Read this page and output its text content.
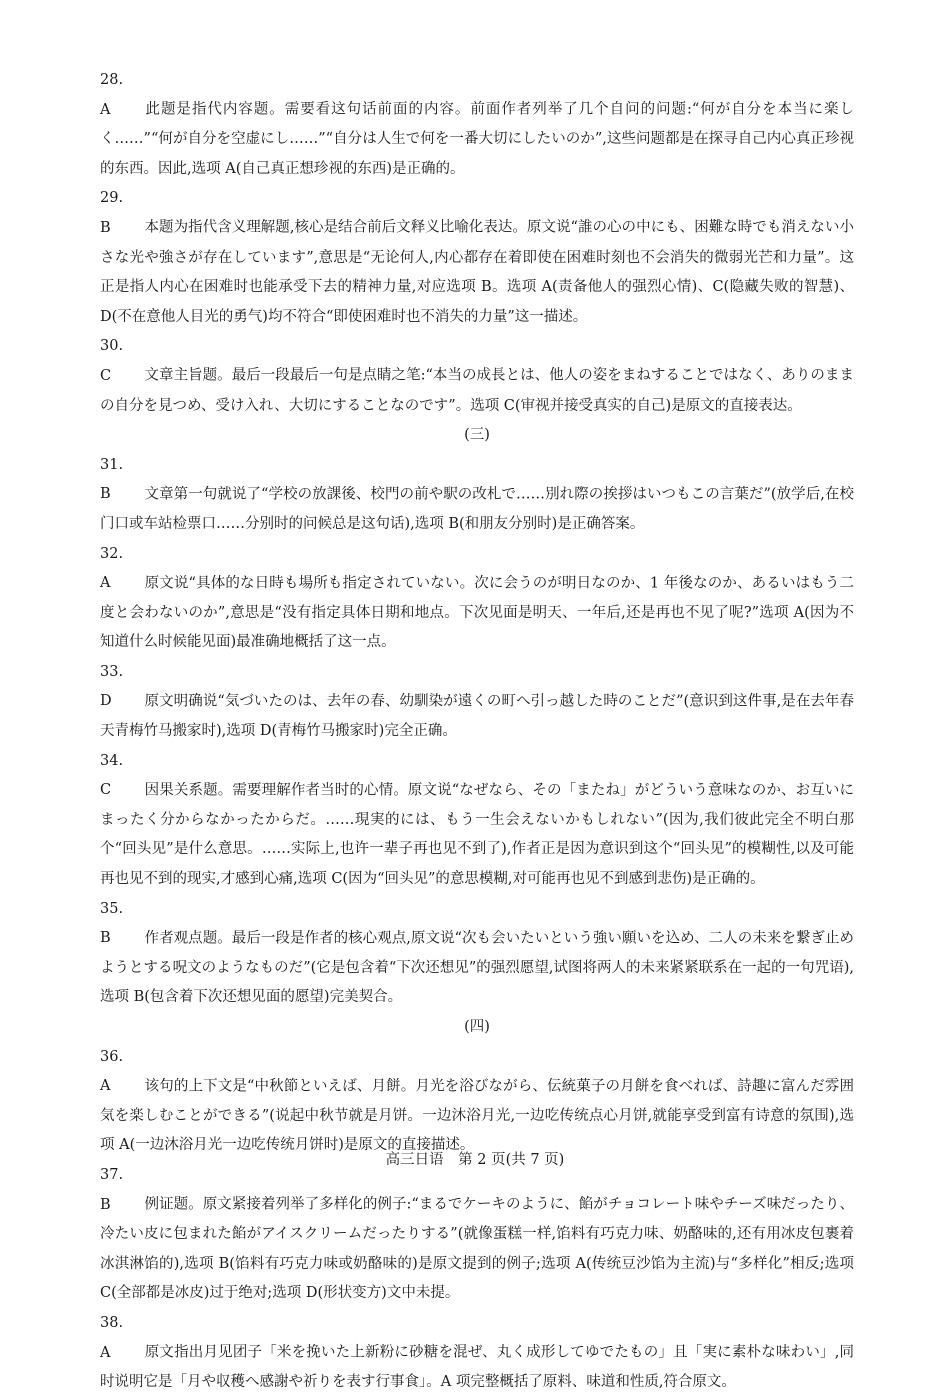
28. A  此题是指代内容题。需要看这句话前面的内容。前面作者列举了几个自问的问题:“何が自分を本当に楽しく……”“何が自分を空虚にし……”“自分は人生で何を一番大切にしたいのか”,这些问题都是在探寻自己内心真正珍视的东西。因此,选项 A(自己真正想珍视的东西)是正确的。

29. B  本题为指代含义理解题,核心是结合前后文释义比喻化表达。原文说“誰の心の中にも、困難な時でも消えない小さな光や強さが存在しています”,意思是“无论何人,内心都存在着即使在困难时刻也不会消失的微弱光芒和力量”。这正是指人内心在困难时也能承受下去的精神力量,对应选项 B。选项 A(责备他人的强烈心情)、C(隐藏失败的智慧)、D(不在意他人目光的勇气)均不符合“即使困难时也不消失的力量”这一描述。

30. C  文章主旨题。最后一段最后一句是点睛之笔:“本当の成長とは、他人の姿をまねすることではなく、ありのままの自分を見つめ、受け入れ、大切にすることなのです”。选项 C(审视并接受真实的自己)是原文的直接表达。

(三)

31. B  文章第一句就说了“学校の放課後、校門の前や駅の改札で……別れ際の挨拶はいつもこの言葉だ”(放学后,在校门口或车站检票口……分别时的问候总是这句话),选项 B(和朋友分别时)是正确答案。

32. A  原文说“具体的な日時も場所も指定されていない。次に会うのが明日なのか、1 年後なのか、あるいはもう二度と会わないのか”,意思是“没有指定具体日期和地点。下次见面是明天、一年后,还是再也不见了呢?”选项 A(因为不知道什么时候能见面)最准确地概括了这一点。

33. D  原文明确说“気づいたのは、去年の春、幼馴染が遠くの町へ引っ越した時のことだ”(意识到这件事,是在去年春天青梅竹马搬家时),选项 D(青梅竹马搬家时)完全正确。

34. C  因果关系题。需要理解作者当时的心情。原文说“なぜなら、その「またね」がどういう意味なのか、お互いにまったく分からなかったからだ。……現実的には、もう一生会えないかもしれない”(因为,我们彼此完全不明白那个“回头见”是什么意思。……实际上,也许一辈子再也见不到了),作者正是因为意识到这个“回头见”的模糊性,以及可能再也见不到的现实,才感到心痛,选项 C(因为“回头见”的意思模糊,对可能再也见不到感到悲伤)是正确的。

35. B  作者观点题。最后一段是作者的核心观点,原文说“次も会いたいという強い願いを込め、二人の未来を繋ぎ止めようとする呪文のようなものだ”(它是包含着“下次还想见”的强烈愿望,试图将两人的未来紧紧联系在一起的一句咒语),选项 B(包含着下次还想见面的愿望)完美契合。

(四)

36. A  该句的上下文是“中秋節といえば、月餅。月光を浴びながら、伝統菓子の月餅を食べれば、詩趣に富んだ雰囲気を楽しむことができる”(说起中秋节就是月饼。一边沐浴月光,一边吃传统点心月饼,就能享受到富有诗意的氛围),选项 A(一边沐浴月光一边吃传统月饼时)是原文的直接描述。

37. B  例证题。原文紧接着列举了多样化的例子:“まるでケーキのように、餡がチョコレート味やチーズ味だったり、冷たい皮に包まれた餡がアイスクリームだったりする”(就像蛋糕一样,馅料有巧克力味、奶酪味的,还有用冰皮包裹着冰淇淋馅的),选项 B(馅料有巧克力味或奶酪味的)是原文提到的例子;选项 A(传统豆沙馅为主流)与“多样化”相反;选项 C(全部都是冰皮)过于绝对;选项 D(形状变方)文中未提。

38. A  原文指出月见团子「米を挽いた上新粉に砂糖を混ぜ、丸く成形してゆでたもの」且「実に素朴な味わい」,同时说明它是「月や収穫へ感謝や祈りを表す行事食」。A 项完整概括了原料、味道和性质,符合原文。

高三日语　第 2 页(共 7 页)
